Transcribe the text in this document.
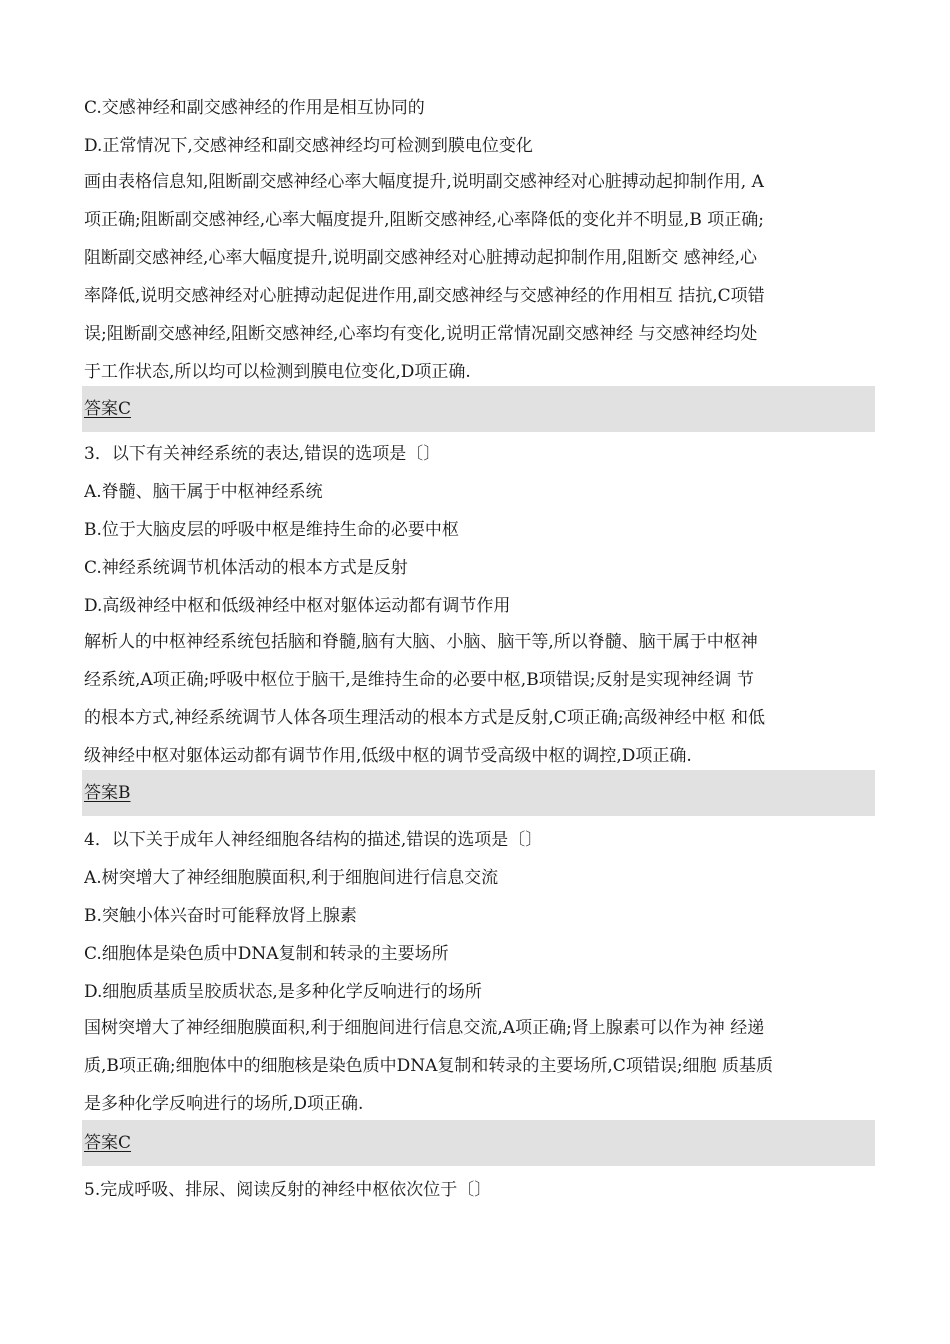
C.交感神经和副交感神经的作用是相互协同的
D.正常情况下,交感神经和副交感神经均可检测到膜电位变化
画由表格信息知,阻断副交感神经心率大幅度提升,说明副交感神经对心脏搏动起抑制作用, A
项正确;阻断副交感神经,心率大幅度提升,阻断交感神经,心率降低的变化并不明显,B 项正确;
阻断副交感神经,心率大幅度提升,说明副交感神经对心脏搏动起抑制作用,阻断交 感神经,心
率降低,说明交感神经对心脏搏动起促进作用,副交感神经与交感神经的作用相互 拮抗,C项错
误;阻断副交感神经,阻断交感神经,心率均有变化,说明正常情况副交感神经 与交感神经均处
于工作状态,所以均可以检测到膜电位变化,D项正确.
答案C
3．以下有关神经系统的表达,错误的选项是〔〕
A.脊髓、脑干属于中枢神经系统
B.位于大脑皮层的呼吸中枢是维持生命的必要中枢
C.神经系统调节机体活动的根本方式是反射
D.高级神经中枢和低级神经中枢对躯体运动都有调节作用
解析人的中枢神经系统包括脑和脊髓,脑有大脑、小脑、脑干等,所以脊髓、脑干属于中枢神
经系统,A项正确;呼吸中枢位于脑干,是维持生命的必要中枢,B项错误;反射是实现神经调 节
的根本方式,神经系统调节人体各项生理活动的根本方式是反射,C项正确;高级神经中枢 和低
级神经中枢对躯体运动都有调节作用,低级中枢的调节受高级中枢的调控,D项正确.
答案B
4．以下关于成年人神经细胞各结构的描述,错误的选项是〔〕
A.树突增大了神经细胞膜面积,利于细胞间进行信息交流
B.突触小体兴奋时可能释放肾上腺素
C.细胞体是染色质中DNA复制和转录的主要场所
D.细胞质基质呈胶质状态,是多种化学反响进行的场所
国树突增大了神经细胞膜面积,利于细胞间进行信息交流,A项正确;肾上腺素可以作为神 经递
质,B项正确;细胞体中的细胞核是染色质中DNA复制和转录的主要场所,C项错误;细胞 质基质
是多种化学反响进行的场所,D项正确.
答案C
5.完成呼吸、排尿、阅读反射的神经中枢依次位于〔〕
